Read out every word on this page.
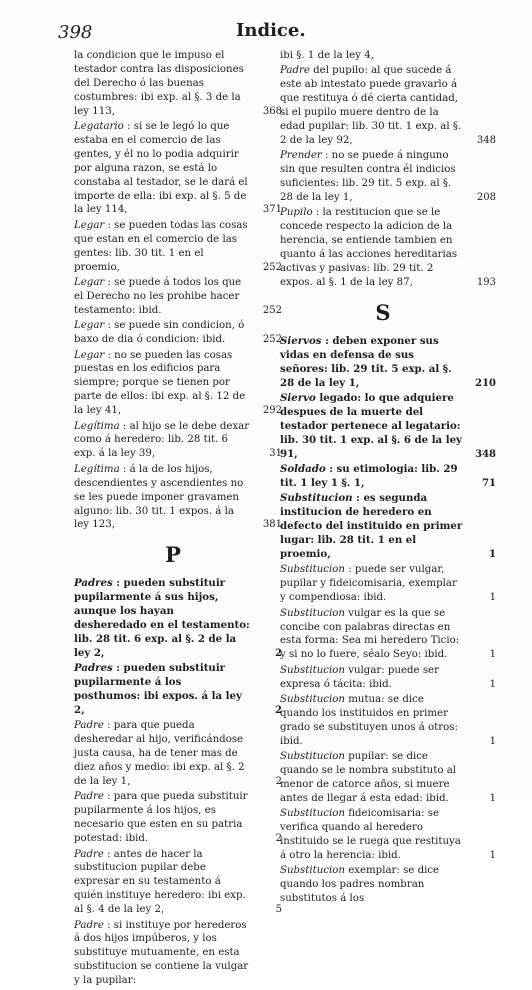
398	Indice.
la condicion que le impuso el testador contra las disposiciones del Derecho ó las buenas costumbres: ibi exp. al §. 3 de la ley 113,	368
Legatario : si se le legó lo que estaba en el comercio de las gentes, y él no lo podia adquirir por alguna razon, se está lo constaba al testador, se le dará el importe de ella: ibi exp. al §. 5 de la ley 114,	371
Legar : se pueden todas las cosas que estan en el comercio de las gentes: lib. 30 tit. 1 en el proemio,	252
Legar : se puede á todos los que el Derecho no les prohibe hacer testamento: ibid.	252
Legar : se puede sin condicion, ó baxo de dia ó condicion: ibid.	252
Legar : no se pueden las cosas puestas en los edificios para siempre; porque se tienen por parte de ellos: ibi exp. al §. 12 de la ley 41,	292
Legítima : al hijo se le debe dexar como á heredero: lib. 28 tit. 6 exp. á la ley 39,	31
Legítima : á la de los hijos, descendientes y ascendientes no se les puede imponer gravamen alguno: lib. 30 tit. 1 expos. á la ley 123,	381
P
Padres : pueden substituir pupilarmente á sus hijos, aunque los hayan desheredado en el testamento: lib. 28 tit. 6 exp. al §. 2 de la ley 2,	2
Padres : pueden substituir pupilarmente á los posthumos: ibi expos. á la ley 2,	2
Padre : para que pueda desheredar al hijo, verificándose justa causa, ha de tener mas de diez años y medio: ibi exp. al §. 2 de la ley 1,	2
Padre : para que pueda substituir pupilarmente á los hijos, es necesario que esten en su patria potestad: ibid.	2
Padre : antes de hacer la substitucion pupilar debe expresar en su testamento á quién instituye heredero: ibi exp. al §. 4 de la ley 2,	5
Padre : si instituye por herederos á dos hijos impúberos, y los substituye mutuamente, en esta substitucion se contiene la vulgar y la pupilar:
ibi §. 1 de la ley 4,
Padre del pupilo: al que sucede á este ab intestato puede gravarlo á que restituya ó dé cierta cantidad, si el pupilo muere dentro de la edad pupilar: lib. 30 tit. 1 exp. al §. 2 de la ley 92,	348
Prender : no se puede á ninguno sin que resulten contra él indicios suficientes: lib. 29 tit. 5 exp. al §. 28 de la ley 1,	208
Pupilo : la restitucion que se le concede respecto la adicion de la herencia, se entiende tambien en quanto á las acciones hereditarias activas y pasivas: lib. 29 tit. 2 expos. al §. 1 de la ley 87,	193
S
Siervos : deben exponer sus vidas en defensa de sus señores: lib. 29 tit. 5 exp. al §. 28 de la ley 1,	210
Siervo legado: lo que adquiere despues de la muerte del testador pertenece al legatario: lib. 30 tit. 1 exp. al §. 6 de la ley 91,	348
Soldado : su etimologia: lib. 29 tit. 1 ley 1 §. 1,	71
Substitucion : es segunda institucion de heredero en defecto del instituido en primer lugar: lib. 28 tit. 1 en el proemio,	1
Substitucion : puede ser vulgar, pupilar y fideicomisaria, exemplar y compendiosa: ibid.	1
Substitucion vulgar es la que se concibe con palabras directas en esta forma: Sea mi heredero Ticio: y si no lo fuere, séalo Seyo: ibid.	1
Substitucion vulgar: puede ser expresa ó tácita: ibid.	1
Substitucion mutua: se dice quando los instituidos en primer grado se substituyen unos á otros: ibid.	1
Substitucion pupilar: se dice quando se le nombra substituto al menor de catorce años, si muere antes de llegar á esta edad: ibid.	1
Substitucion fideicomisaria: se verifica quando al heredero instituido se le ruega que restituya á otro la herencia: ibid.	1
Substitucion exemplar: se dice quando los padres nombran substitutos á los
